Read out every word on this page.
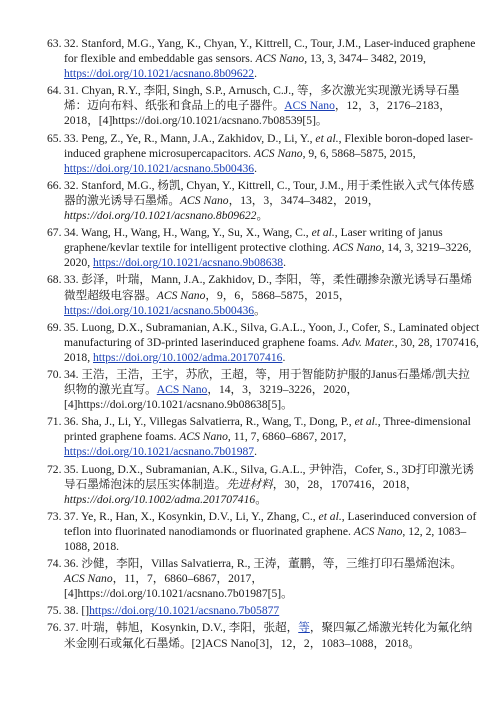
63. 32. Stanford, M.G., Yang, K., Chyan, Y., Kittrell, C., Tour, J.M., Laser-induced graphene for flexible and embeddable gas sensors. ACS Nano, 13, 3, 3474– 3482, 2019, https://doi.org/10.1021/acsnano.8b09622.
64. 31. Chyan, R.Y., 李阳, Singh, S.P., Arnusch, C.J., 等，多次激光实现激光诱导石墨烯：迈向布料、纸张和食品上的电子器件。ACS Nano，12，3，2176–2183，2018，[4]https://doi.org/10.1021/acsnano.7b08539[5]。
65. 33. Peng, Z., Ye, R., Mann, J.A., Zakhidov, D., Li, Y., et al., Flexible boron-doped laser-induced graphene microsupercapacitors. ACS Nano, 9, 6, 5868–5875, 2015, https://doi.org/10.1021/acsnano.5b00436.
66. 32. Stanford, M.G., 杨凯, Chyan, Y., Kittrell, C., Tour, J.M., 用于柔性嵌入式气体传感器的激光诱导石墨烯。ACS Nano，13，3，3474–3482，2019，https://doi.org/10.1021/acsnano.8b09622。
67. 34. Wang, H., Wang, H., Wang, Y., Su, X., Wang, C., et al., Laser writing of janus graphene/kevlar textile for intelligent protective clothing. ACS Nano, 14, 3, 3219–3226, 2020, https://doi.org/10.1021/acsnano.9b08638.
68. 33. 彭泽，叶瑞，Mann, J.A., Zakhidov, D., 李阳，等，柔性硼掺杂激光诱导石墨烯微型超级电容器。ACS Nano，9，6，5868–5875，2015，https://doi.org/10.1021/acsnano.5b00436。
69. 35. Luong, D.X., Subramanian, A.K., Silva, G.A.L., Yoon, J., Cofer, S., Laminated object manufacturing of 3D-printed laserinduced graphene foams. Adv. Mater., 30, 28, 1707416, 2018, https://doi.org/10.1002/adma.201707416.
70. 34. 王浩，王浩，王宇，苏欣，王超，等，用于智能防护服的Janus石墨烯/凯夫拉织物的激光直写。ACS Nano，14，3，3219–3226，2020，[4]https://doi.org/10.1021/acsnano.9b08638[5]。
71. 36. Sha, J., Li, Y., Villegas Salvatierra, R., Wang, T., Dong, P., et al., Three-dimensional printed graphene foams. ACS Nano, 11, 7, 6860–6867, 2017, https://doi.org/10.1021/acsnano.7b01987.
72. 35. Luong, D.X., Subramanian, A.K., Silva, G.A.L., 尹钟浩，Cofer, S., 3D打印激光诱导石墨烯泡沫的层压实体制造。先进材料，30，28，1707416，2018，https://doi.org/10.1002/adma.201707416。
73. 37. Ye, R., Han, X., Kosynkin, D.V., Li, Y., Zhang, C., et al., Laserinduced conversion of teflon into fluorinated nanodiamonds or fluorinated graphene. ACS Nano, 12, 2, 1083–1088, 2018.
74. 36. 沙健，李阳，Villas Salvatierra, R., 王涛，董鹏，等，三维打印石墨烯泡沫。ACS Nano，11，7，6860–6867，2017，[4]https://doi.org/10.1021/acsnano.7b01987[5]。
75. 38. []https://doi.org/10.1021/acsnano.7b05877
76. 37. 叶瑞，韩旭，Kosynkin, D.V., 李阳，张超，等，聚四氟乙烯激光转化为氟化纳米金刚石或氟化石墨烯。[2]ACS Nano[3]，12，2，1083–1088，2018。
